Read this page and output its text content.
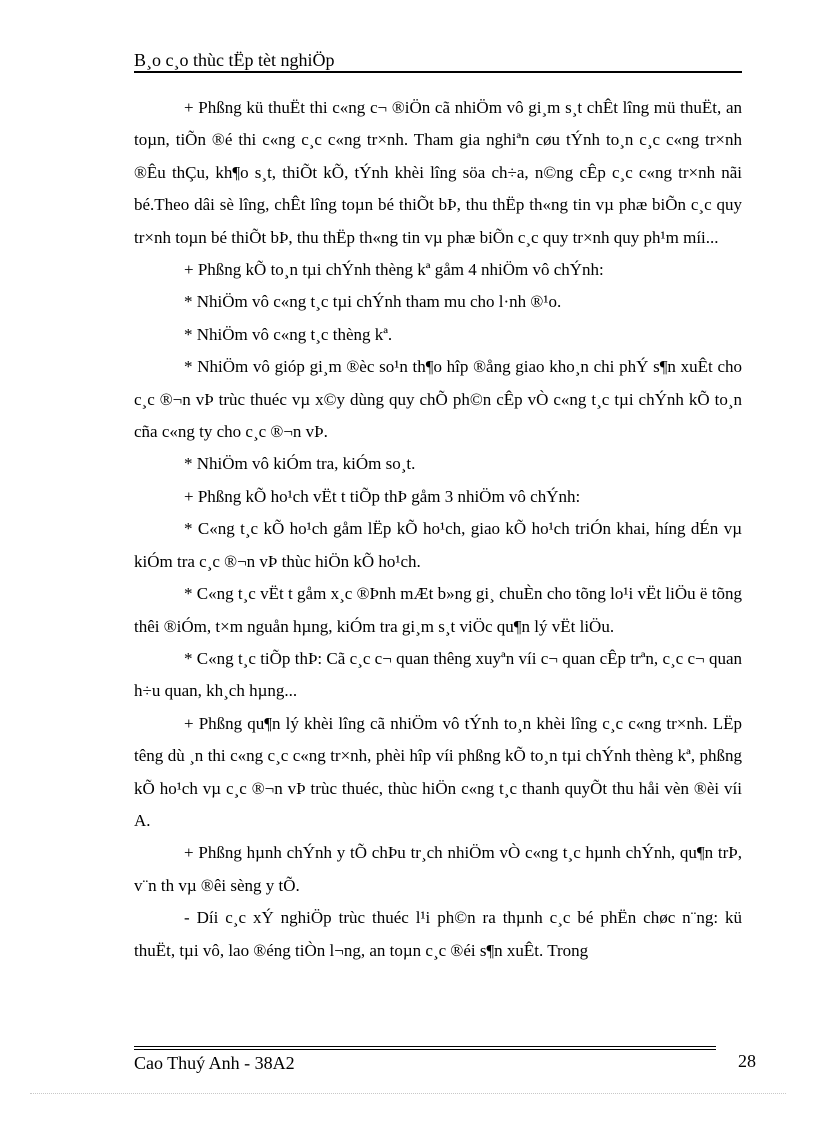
B¸o c¸o thùc tËp tèt nghiÖp

+ Phßng kü thuËt thi c«ng c¬ ®iÖn cã nhiÖm vô gi¸m s¸t chÊt lîng mü thuËt, an toµn, tiÕn ®é thi c«ng c¸c c«ng tr×nh. Tham gia nghiªn cøu tÝnh to¸n c¸c c«ng tr×nh ®Êu thÇu, kh¶o s¸t, thiÕt kÕ, tÝnh khèi lîng söa ch÷a, n©ng cÊp c¸c c«ng tr×nh nãi bé.Theo dâi sè lîng, chÊt lîng toµn bé thiÕt bÞ, thu thËp th«ng tin vµ phæ biÕn c¸c quy tr×nh toµn bé thiÕt bÞ, thu thËp th«ng tin vµ phæ biÕn c¸c quy tr×nh quy ph¹m míi...

+ Phßng kÕ to¸n tµi chÝnh thèng kª gåm 4 nhiÖm vô chÝnh:

* NhiÖm vô c«ng t¸c tµi chÝnh tham mu cho l·nh ®¹o.

* NhiÖm vô c«ng t¸c thèng kª.

* NhiÖm vô gióp gi¸m ®èc so¹n th¶o hîp ®ång giao kho¸n chi phÝ s¶n xuÊt cho c¸c ®¬n vÞ trùc thuéc vµ x©y dùng quy chÕ ph©n cÊp vÒ c«ng t¸c tµi chÝnh kÕ to¸n cña c«ng ty cho c¸c ®¬n vÞ.

* NhiÖm vô kiÓm tra, kiÓm so¸t.

+ Phßng kÕ ho¹ch vËt t tiÕp thÞ gåm 3 nhiÖm vô chÝnh:

* C«ng t¸c kÕ ho¹ch gåm lËp kÕ ho¹ch, giao kÕ ho¹ch triÓn khai, híng dÉn vµ kiÓm tra c¸c ®¬n vÞ thùc hiÖn kÕ ho¹ch.

* C«ng t¸c vËt t gåm x¸c ®Þnh mÆt b»ng gi¸ chuÈn cho tõng lo¹i vËt liÖu ë tõng thêi ®iÓm, t×m nguån hµng, kiÓm tra gi¸m s¸t viÖc qu¶n lý vËt liÖu.

* C«ng t¸c tiÕp thÞ: Cã c¸c c¬ quan thêng xuyªn víi c¬ quan cÊp trªn, c¸c c¬ quan h÷u quan, kh¸ch hµng...

+ Phßng qu¶n lý khèi lîng cã nhiÖm vô tÝnh to¸n khèi lîng c¸c c«ng tr×nh. LËp têng dù ¸n thi c«ng c¸c c«ng tr×nh, phèi hîp víi phßng kÕ to¸n tµi chÝnh thèng kª, phßng kÕ ho¹ch vµ c¸c ®¬n vÞ trùc thuéc, thùc hiÖn c«ng t¸c thanh quyÕt thu håi vèn ®èi víi A.

+ Phßng hµnh chÝnh y tÕ chÞu tr¸ch nhiÖm vÒ c«ng t¸c hµnh chÝnh, qu¶n trÞ, v¨n th vµ ®êi sèng y tÕ.

- Díi c¸c xÝ nghiÖp trùc thuéc l¹i ph©n ra thµnh c¸c bé phËn chøc n¨ng: kü thuËt, tµi vô, lao ®éng tiÒn l¬ng, an toµn c¸c ®éi s¶n xuÊt. Trong

Cao Thuý Anh - 38A2	28
